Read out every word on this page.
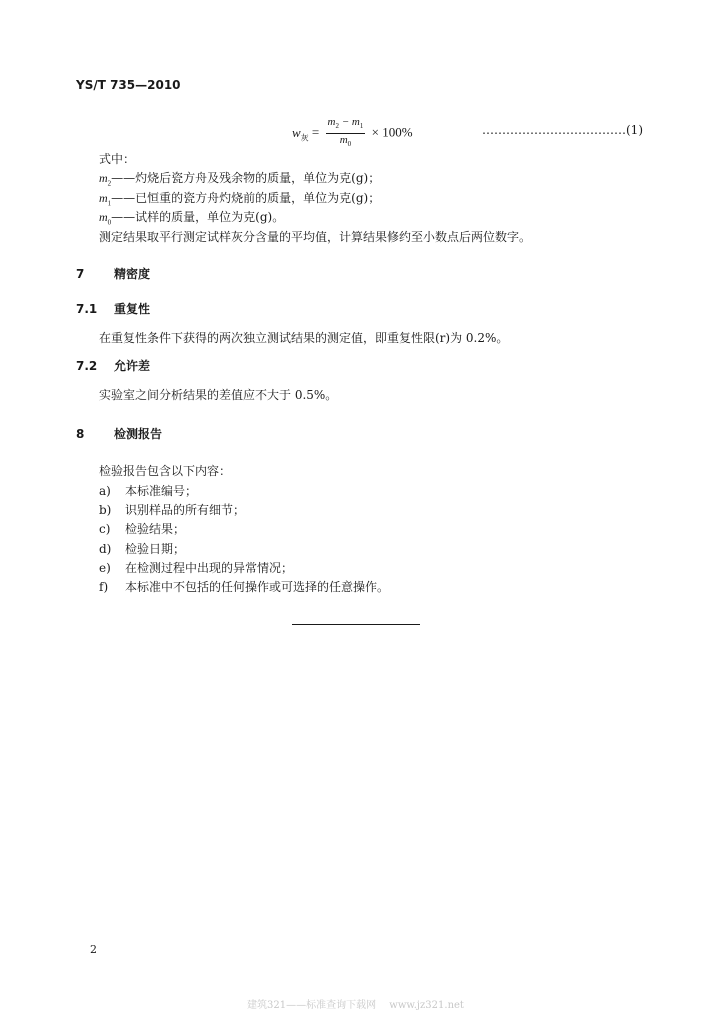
YS/T 735—2010
$w_灰 = \frac{m_2 - m_1}{m_0} \times 100\%$	………………………………(1)
式中：
$m_2——$灼烧后瓷方舟及残余物的质量，单位为克(g)；
$m_1——$已恒重的瓷方舟灼烧前的质量，单位为克(g)；
$m_0——$试样的质量，单位为克(g)。
测定结果取平行测定试样灰分含量的平均值，计算结果修约至小数点后两位数字。
7 精密度
7.1 重复性
在重复性条件下获得的两次独立测试结果的测定值，即重复性限(r)为 0.2%。
7.2 允许差
实验室之间分析结果的差值应不大于 0.5%。
8 检测报告
检验报告包含以下内容：
a) 本标准编号；
b) 识别样品的所有细节；
c) 检验结果；
d) 检验日期；
e) 在检测过程中出现的异常情况；
f) 本标准中不包括的任何操作或可选择的任意操作。
2
建筑321——标准查询下载网　 www.jz321.net
